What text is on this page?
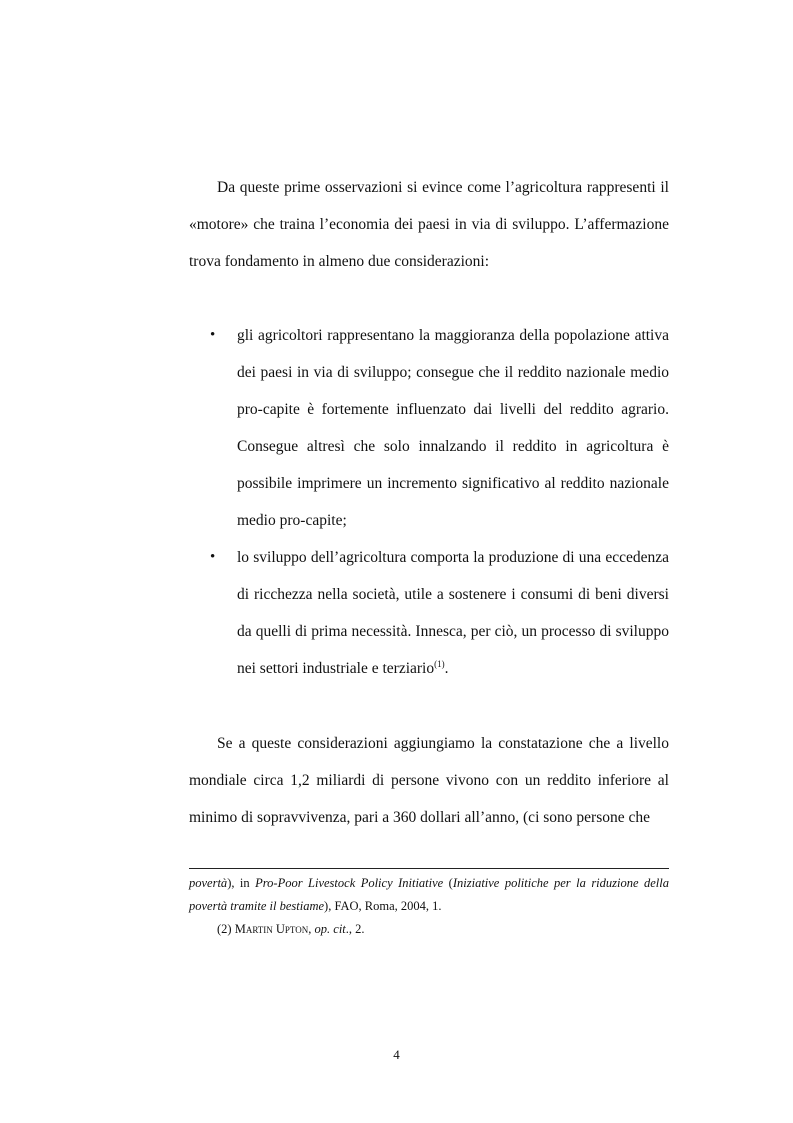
Da queste prime osservazioni si evince come l’agricoltura rappresenti il «motore» che traina l’economia dei paesi in via di sviluppo. L’affermazione trova fondamento in almeno due considerazioni:

• gli agricoltori rappresentano la maggioranza della popolazione attiva dei paesi in via di sviluppo; consegue che il reddito nazionale medio pro-capite è fortemente influenzato dai livelli del reddito agrario. Consegue altresì che solo innalzando il reddito in agricoltura è possibile imprimere un incremento significativo al reddito nazionale medio pro-capite;
• lo sviluppo dell’agricoltura comporta la produzione di una eccedenza di ricchezza nella società, utile a sostenere i consumi di beni diversi da quelli di prima necessità. Innesca, per ciò, un processo di sviluppo nei settori industriale e terziario$^{(1)}$.

Se a queste considerazioni aggiungiamo la constatazione che a livello mondiale circa 1,2 miliardi di persone vivono con un reddito inferiore al minimo di sopravvivenza, pari a 360 dollari all’anno, (ci sono persone che

povertà), in Pro-Poor Livestock Policy Initiative (Iniziative politiche per la riduzione della povertà tramite il bestiame), FAO, Roma, 2004, 1.

(2) Martin Upton, op. cit., 2.

4
